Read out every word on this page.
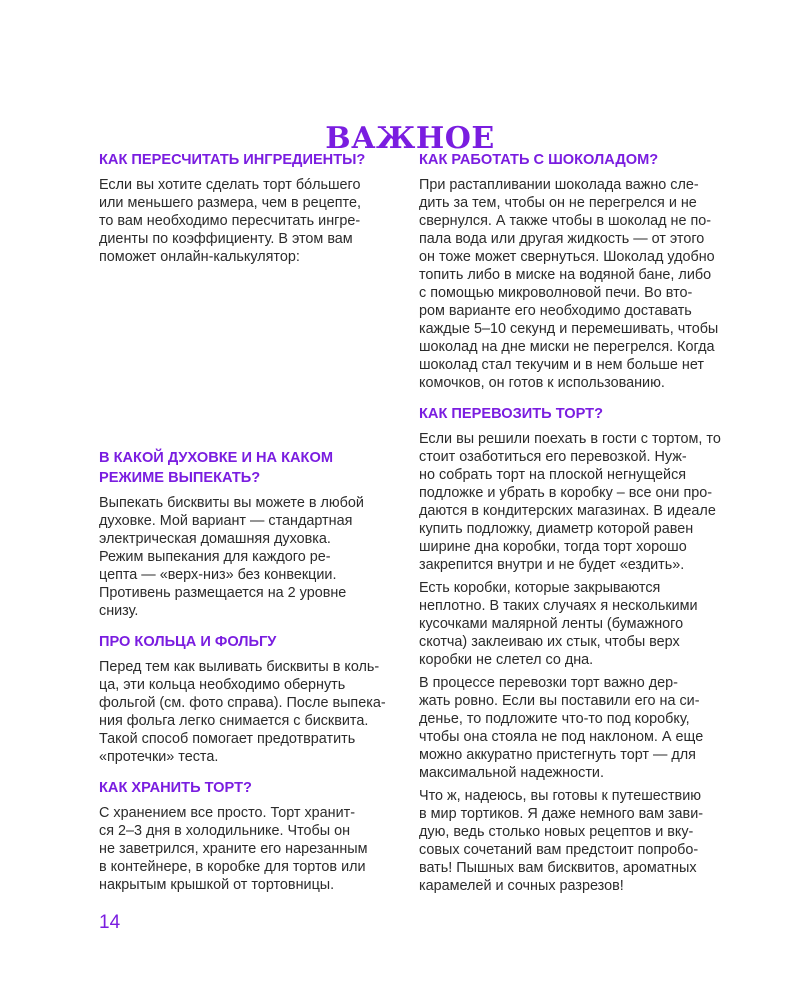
ВАЖНОЕ
КАК ПЕРЕСЧИТАТЬ ИНГРЕДИЕНТЫ?
Если вы хотите сделать торт бóльшего
или меньшего размера, чем в рецепте,
то вам необходимо пересчитать ингре-
диенты по коэффициенту. В этом вам
поможет онлайн-калькулятор:
В КАКОЙ ДУХОВКЕ И НА КАКОМ
РЕЖИМЕ ВЫПЕКАТЬ?
Выпекать бисквиты вы можете в любой
духовке. Мой вариант — стандартная
электрическая домашняя духовка.
Режим выпекания для каждого ре-
цепта — «верх-низ» без конвекции.
Противень размещается на 2 уровне
снизу.
ПРО КОЛЬЦА И ФОЛЬГУ
Перед тем как выливать бисквиты в коль-
ца, эти кольца необходимо обернуть
фольгой (см. фото справа). После выпека-
ния фольга легко снимается с бисквита.
Такой способ помогает предотвратить
«протечки» теста.
КАК ХРАНИТЬ ТОРТ?
С хранением все просто. Торт хранит-
ся 2–3 дня в холодильнике. Чтобы он
не заветрился, храните его нарезанным
в контейнере, в коробке для тортов или
накрытым крышкой от тортовницы.
КАК РАБОТАТЬ С ШОКОЛАДОМ?
При растапливании шоколада важно сле-
дить за тем, чтобы он не перегрелся и не
свернулся. А также чтобы в шоколад не по-
пала вода или другая жидкость — от этого
он тоже может свернуться. Шоколад удобно
топить либо в миске на водяной бане, либо
с помощью микроволновой печи. Во вто-
ром варианте его необходимо доставать
каждые 5–10 секунд и перемешивать, чтобы
шоколад на дне миски не перегрелся. Когда
шоколад стал текучим и в нем больше нет
комочков, он готов к использованию.
КАК ПЕРЕВОЗИТЬ ТОРТ?
Если вы решили поехать в гости с тортом, то
стоит озаботиться его перевозкой. Нуж-
но собрать торт на плоской негнущейся
подложке и убрать в коробку – все они про-
даются в кондитерских магазинах. В идеале
купить подложку, диаметр которой равен
ширине дна коробки, тогда торт хорошо
закрепится внутри и не будет «ездить».
Есть коробки, которые закрываются
неплотно. В таких случаях я несколькими
кусочками малярной ленты (бумажного
скотча) заклеиваю их стык, чтобы верх
коробки не слетел со дна.
В процессе перевозки торт важно дер-
жать ровно. Если вы поставили его на си-
денье, то подложите что-то под коробку,
чтобы она стояла не под наклоном. А еще
можно аккуратно пристегнуть торт — для
максимальной надежности.
Что ж, надеюсь, вы готовы к путешествию
в мир тортиков. Я даже немного вам зави-
дую, ведь столько новых рецептов и вку-
совых сочетаний вам предстоит попробо-
вать! Пышных вам бисквитов, ароматных
карамелей и сочных разрезов!
14
